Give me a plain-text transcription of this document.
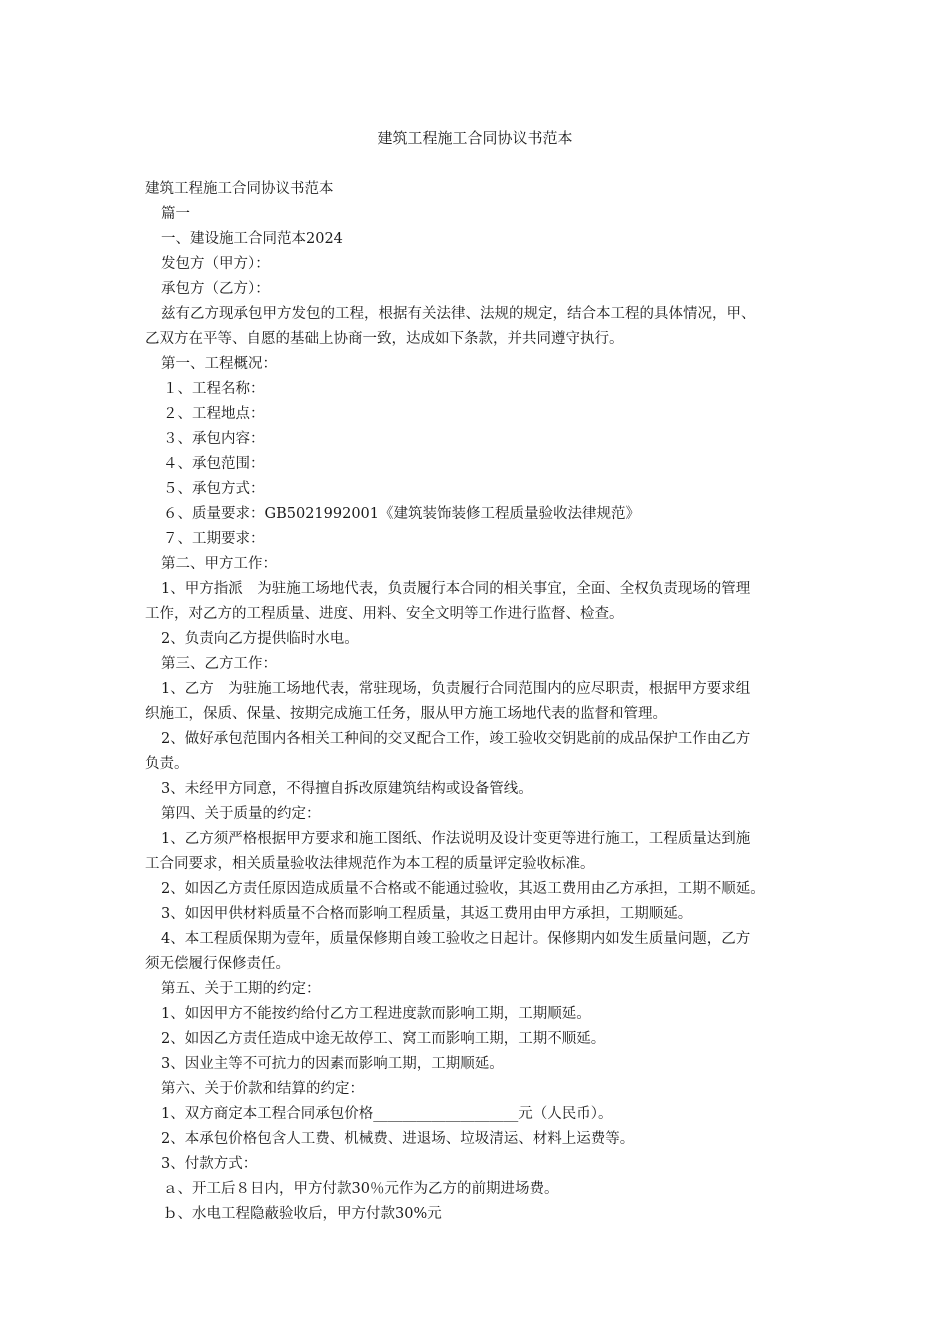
建筑工程施工合同协议书范本
建筑工程施工合同协议书范本
篇一
一、建设施工合同范本2024
发包方（甲方）：
承包方（乙方）：
兹有乙方现承包甲方发包的工程，根据有关法律、法规的规定，结合本工程的具体情况，甲、
乙双方在平等、自愿的基础上协商一致，达成如下条款，并共同遵守执行。
第一、工程概况：
１、工程名称：
２、工程地点：
３、承包内容：
４、承包范围：
５、承包方式：
６、质量要求：GB5021992001《建筑装饰装修工程质量验收法律规范》
７、工期要求：
第二、甲方工作：
1、甲方指派　为驻施工场地代表，负责履行本合同的相关事宜，全面、全权负责现场的管理
工作，对乙方的工程质量、进度、用料、安全文明等工作进行监督、检查。
2、负责向乙方提供临时水电。
第三、乙方工作：
1、乙方　为驻施工场地代表，常驻现场，负责履行合同范围内的应尽职责，根据甲方要求组
织施工，保质、保量、按期完成施工任务，服从甲方施工场地代表的监督和管理。
2、做好承包范围内各相关工种间的交叉配合工作，竣工验收交钥匙前的成品保护工作由乙方
负责。
3、未经甲方同意，不得擅自拆改原建筑结构或设备管线。
第四、关于质量的约定：
1、乙方须严格根据甲方要求和施工图纸、作法说明及设计变更等进行施工，工程质量达到施
工合同要求，相关质量验收法律规范作为本工程的质量评定验收标准。
2、如因乙方责任原因造成质量不合格或不能通过验收，其返工费用由乙方承担，工期不顺延。
3、如因甲供材料质量不合格而影响工程质量，其返工费用由甲方承担，工期顺延。
4、本工程质保期为壹年，质量保修期自竣工验收之日起计。保修期内如发生质量问题，乙方
须无偿履行保修责任。
第五、关于工期的约定：
1、如因甲方不能按约给付乙方工程进度款而影响工期，工期顺延。
2、如因乙方责任造成中途无故停工、窝工而影响工期，工期不顺延。
3、因业主等不可抗力的因素而影响工期，工期顺延。
第六、关于价款和结算的约定：
1、双方商定本工程合同承包价格____________________元（人民币）。
2、本承包价格包含人工费、机械费、进退场、垃圾清运、材料上运费等。
3、付款方式：
ａ、开工后８日内，甲方付款30％元作为乙方的前期进场费。
ｂ、水电工程隐蔽验收后，甲方付款30%元
